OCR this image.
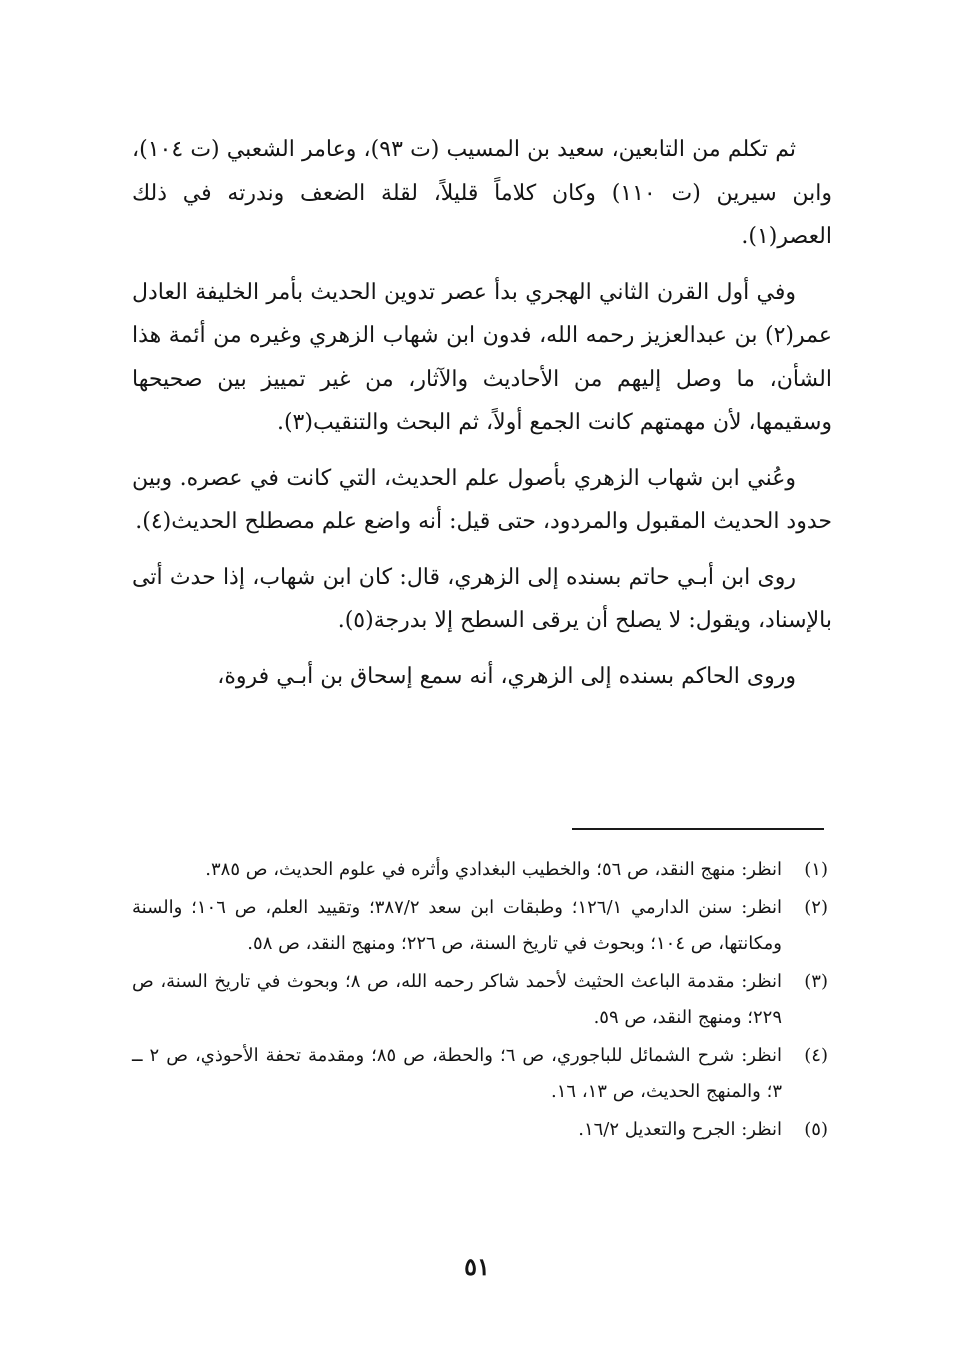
ثم تكلم من التابعين، سعيد بن المسيب (ت ٩٣)، وعامر الشعبي (ت ١٠٤)، وابن سيرين (ت ١١٠) وكان كلاماً قليلاً، لقلة الضعف وندرته في ذلك العصر(١).

وفي أول القرن الثاني الهجري بدأ عصر تدوين الحديث بأمر الخليفة العادل عمر(٢) بن عبدالعزيز رحمه الله، فدون ابن شهاب الزهري وغيره من أئمة هذا الشأن، ما وصل إليهم من الأحاديث والآثار، من غير تمييز بين صحيحها وسقيمها، لأن مهمتهم كانت الجمع أولاً، ثم البحث والتنقيب(٣).

وعُني ابن شهاب الزهري بأصول علم الحديث، التي كانت في عصره. وبين حدود الحديث المقبول والمردود، حتى قيل: أنه واضع علم مصطلح الحديث(٤).

روى ابن أبـي حاتم بسنده إلى الزهري، قال: كان ابن شهاب، إذا حدث أتى بالإسناد، ويقول: لا يصلح أن يرقى السطح إلا بدرجة(٥).

وروى الحاكم بسنده إلى الزهري، أنه سمع إسحاق بن أبـي فروة،

(١)
انظر: منهج النقد، ص ٥٦؛ والخطيب البغدادي وأثره في علوم الحديث، ص ٣٨٥.
(٢)
انظر: سنن الدارمي ١٢٦/١؛ وطبقات ابن سعد ٣٨٧/٢؛ وتقييد العلم، ص ١٠٦؛ والسنة ومكانتها، ص ١٠٤؛ وبحوث في تاريخ السنة، ص ٢٢٦؛ ومنهج النقد، ص ٥٨.
(٣)
انظر: مقدمة الباعث الحثيث لأحمد شاكر رحمه الله، ص ٨؛ وبحوث في تاريخ السنة، ص ٢٢٩؛ ومنهج النقد، ص ٥٩.
(٤)
انظر: شرح الشمائل للباجوري، ص ٦؛ والحطة، ص ٨٥؛ ومقدمة تحفة الأحوذي، ص ٢ ــ ٣؛ والمنهج الحديث، ص ١٣، ١٦.
(٥)
انظر: الجرح والتعديل ١٦/٢.
٥١
